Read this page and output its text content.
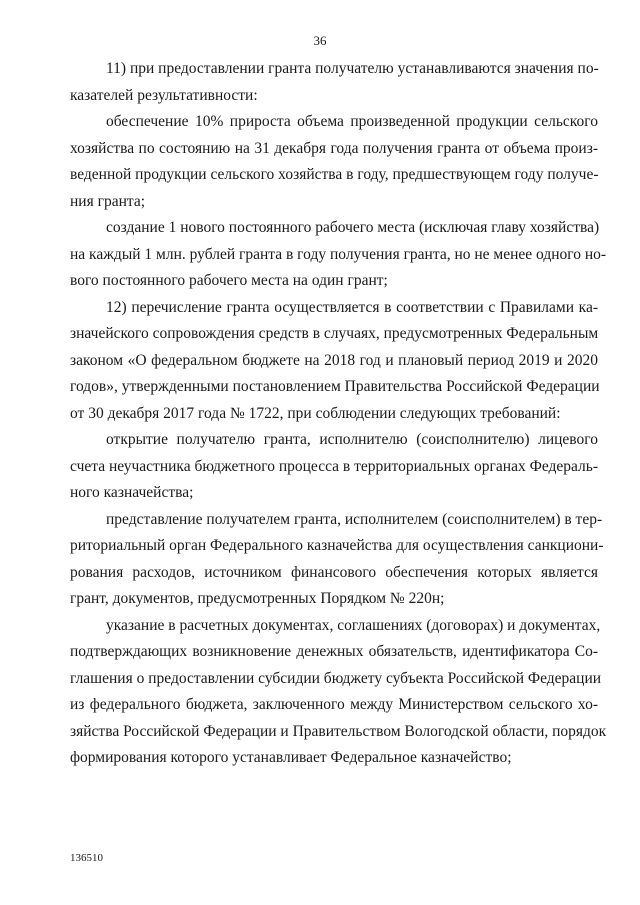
36

11) при предоставлении гранта получателю устанавливаются значения по-
казателей результативности:

обеспечение 10% прироста объема произведенной продукции сельского
хозяйства по состоянию на 31 декабря года получения гранта от объема произ-
веденной продукции сельского хозяйства в году, предшествующем году получе-
ния гранта;

создание 1 нового постоянного рабочего места (исключая главу хозяйства)
на каждый 1 млн. рублей гранта в году получения гранта, но не менее одного но-
вого постоянного рабочего места на один грант;

12) перечисление гранта осуществляется в соответствии с Правилами ка-
значейского сопровождения средств в случаях, предусмотренных Федеральным
законом «О федеральном бюджете на 2018 год и плановый период 2019 и 2020
годов», утвержденными постановлением Правительства Российской Федерации
от 30 декабря 2017 года № 1722, при соблюдении следующих требований:

открытие получателю гранта, исполнителю (соисполнителю) лицевого
счета неучастника бюджетного процесса в территориальных органах Федераль-
ного казначейства;

представление получателем гранта, исполнителем (соисполнителем) в тер-
риториальный орган Федерального казначейства для осуществления санкциони-
рования расходов, источником финансового обеспечения которых является
грант, документов, предусмотренных Порядком № 220н;

указание в расчетных документах, соглашениях (договорах) и документах,
подтверждающих возникновение денежных обязательств, идентификатора Со-
глашения о предоставлении субсидии бюджету субъекта Российской Федерации
из федерального бюджета, заключенного между Министерством сельского хо-
зяйства Российской Федерации и Правительством Вологодской области, порядок
формирования которого устанавливает Федеральное казначейство;

136510
